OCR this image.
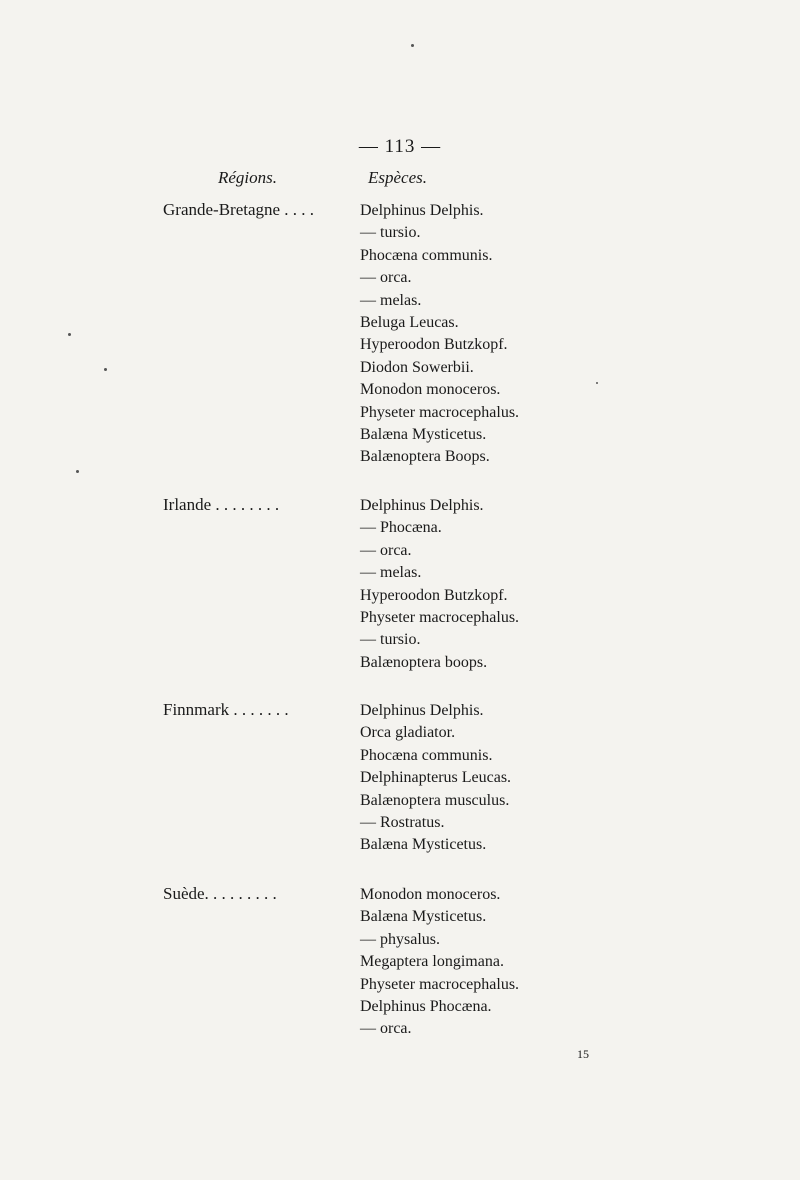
— 113 —
Régions.	Espèces.
Grande-Bretagne . . . .	Delphinus Delphis.
— tursio.
Phocæna communis.
— orca.
— melas.
Beluga Leucas.
Hyperoodon Butzkopf.
Diodon Sowerbii.
Monodon monoceros.
Physeter macrocephalus.
Balæna Mysticetus.
Balænoptera Boops.
Irlande . . . . . . . .	Delphinus Delphis.
— Phocæna.
— orca.
— melas.
Hyperoodon Butzkopf.
Physeter macrocephalus.
— tursio.
Balænoptera boops.
Finnmark . . . . . . .	Delphinus Delphis.
Orca gladiator.
Phocæna communis.
Delphinapterus Leucas.
Balænoptera musculus.
— Rostratus.
Balæna Mysticetus.
Suède. . . . . . . . .	Monodon monoceros.
Balæna Mysticetus.
— physalus.
Megaptera longimana.
Physeter macrocephalus.
Delphinus Phocæna.
— orca.
15
